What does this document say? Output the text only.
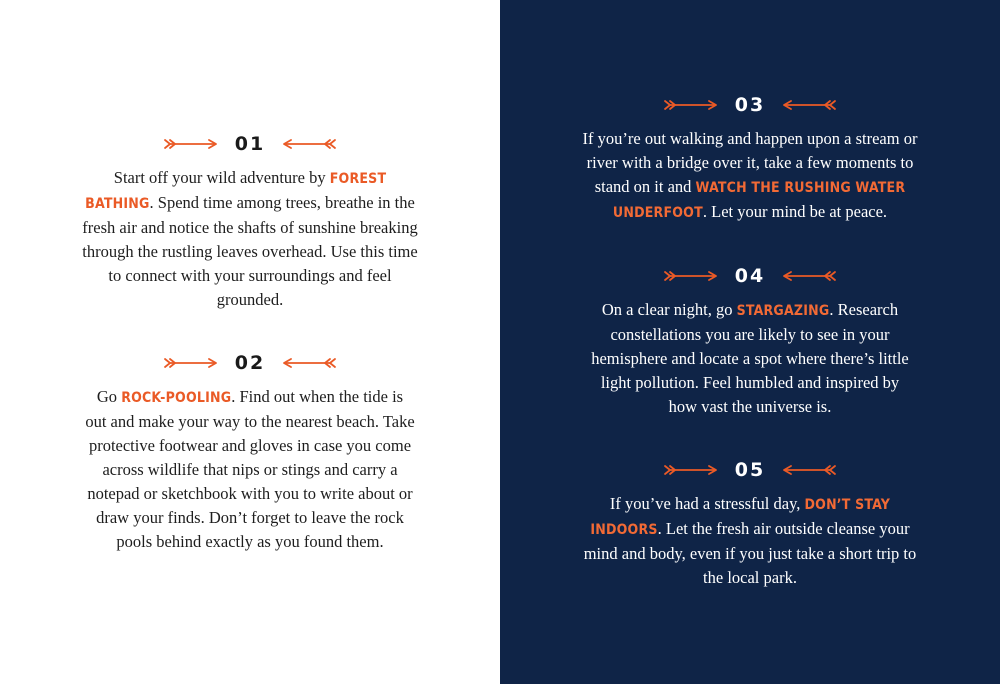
01

Start off your wild adventure by FOREST BATHING. Spend time among trees, breathe in the fresh air and notice the shafts of sunshine breaking through the rustling leaves overhead. Use this time to connect with your surroundings and feel grounded.

02

Go ROCK-POOLING. Find out when the tide is out and make your way to the nearest beach. Take protective footwear and gloves in case you come across wildlife that nips or stings and carry a notepad or sketchbook with you to write about or draw your finds. Don’t forget to leave the rock pools behind exactly as you found them.

03

If you’re out walking and happen upon a stream or river with a bridge over it, take a few moments to stand on it and WATCH THE RUSHING WATER UNDERFOOT. Let your mind be at peace.

04

On a clear night, go STARGAZING. Research constellations you are likely to see in your hemisphere and locate a spot where there’s little light pollution. Feel humbled and inspired by how vast the universe is.

05

If you’ve had a stressful day, DON’T STAY INDOORS. Let the fresh air outside cleanse your mind and body, even if you just take a short trip to the local park.
